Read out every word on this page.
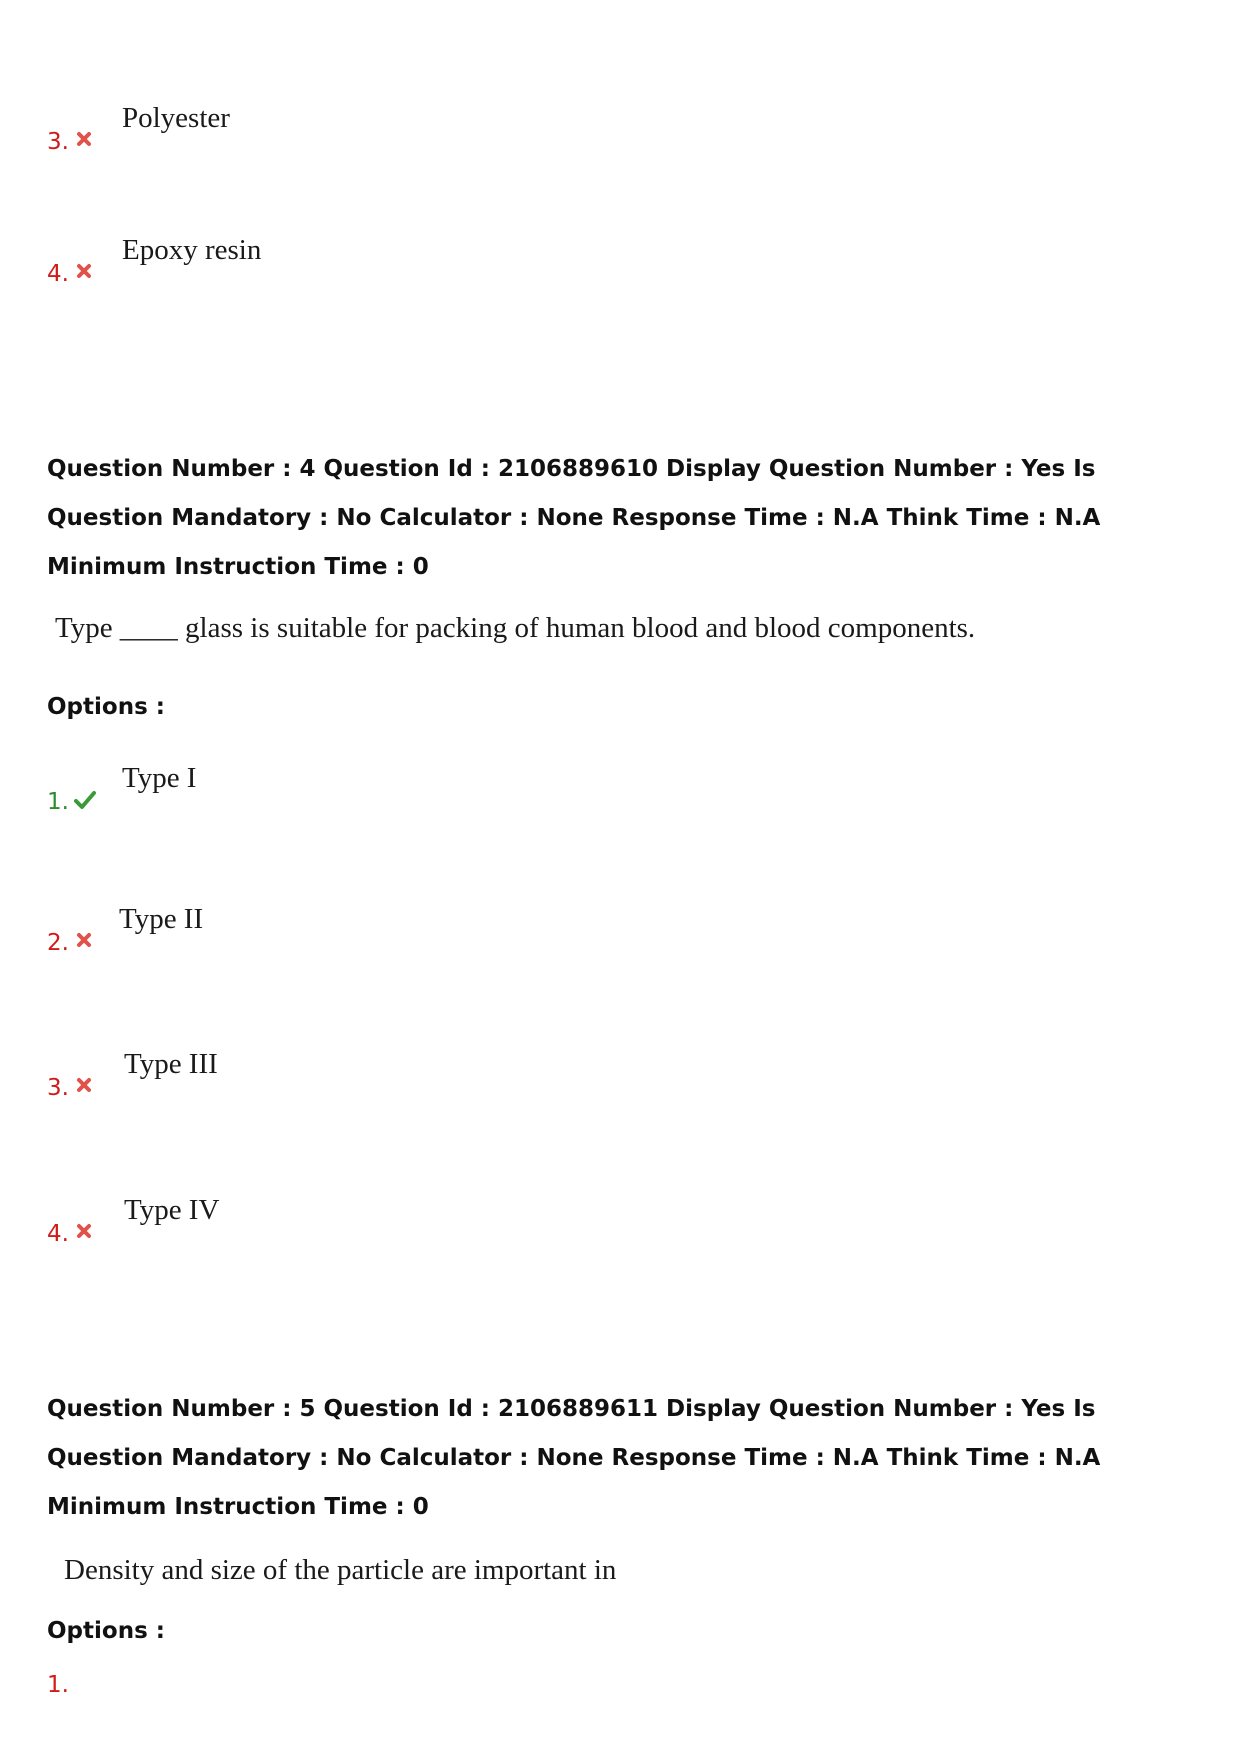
3.
Polyester
4.
Epoxy resin
Question Number : 4 Question Id : 2106889610 Display Question Number : Yes Is Question Mandatory : No Calculator : None Response Time : N.A Think Time : N.A Minimum Instruction Time : 0
Type ____ glass is suitable for packing of human blood and blood components.
Options :
1.
Type I
2.
Type II
3.
Type III
4.
Type IV
Question Number : 5 Question Id : 2106889611 Display Question Number : Yes Is Question Mandatory : No Calculator : None Response Time : N.A Think Time : N.A Minimum Instruction Time : 0
Density and size of the particle are important in
Options :
1.
